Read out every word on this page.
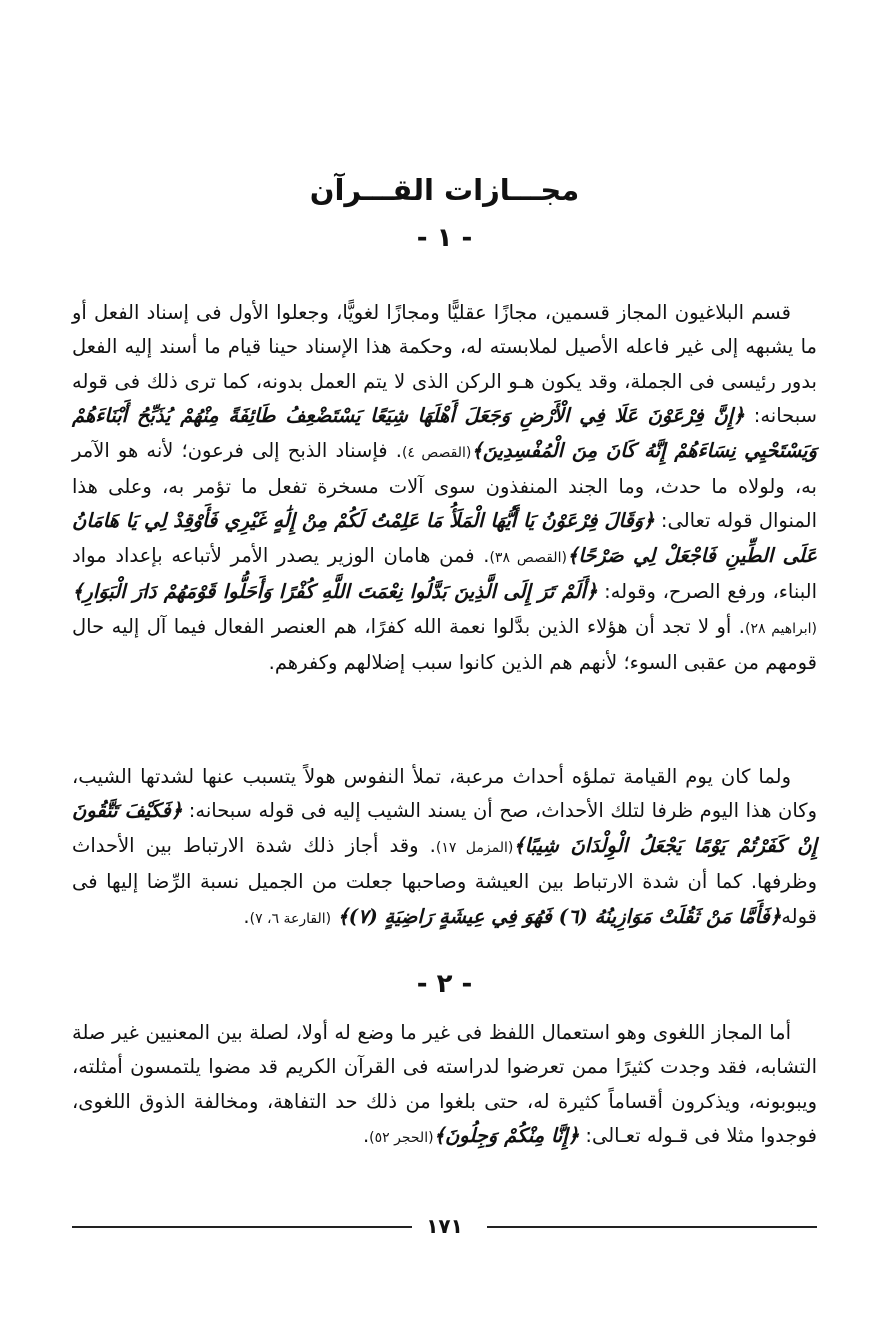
مجـــازات القـــرآن
- ١ -

قسم البلاغيون المجاز قسمين، مجازًا عقليًّا ومجازًا لغويًّا، وجعلوا الأول فى إسناد الفعل أو ما يشبهه إلى غير فاعله الأصيل لملابسته له، وحكمة هذا الإسناد حينا قيام ما أسند إليه الفعل بدور رئيسى فى الجملة، وقد يكون هـو الركن الذى لا يتم العمل بدونه، كما ترى ذلك فى قوله سبحانه: ﴿إِنَّ فِرْعَوْنَ عَلَا فِي الْأَرْضِ وَجَعَلَ أَهْلَهَا شِيَعًا يَسْتَضْعِفُ طَائِفَةً مِنْهُمْ يُذَبِّحُ أَبْنَاءَهُمْ وَيَسْتَحْيِي نِسَاءَهُمْ إِنَّهُ كَانَ مِنَ الْمُفْسِدِينَ﴾(القصص ٤). فإسناد الذبح إلى فرعون؛ لأنه هو الآمر به، ولولاه ما حدث، وما الجند المنفذون سوى آلات مسخرة تفعل ما تؤمر به، وعلى هذا المنوال قوله تعالى: ﴿وَقَالَ فِرْعَوْنُ يَا أَيُّهَا الْمَلَأُ مَا عَلِمْتُ لَكُمْ مِنْ إِلَٰهٍ غَيْرِي فَأَوْقِدْ لِي يَا هَامَانُ عَلَى الطِّينِ فَاجْعَلْ لِي صَرْحًا﴾(القصص ٣٨). فمن هامان الوزير يصدر الأمر لأتباعه بإعداد مواد البناء، ورفع الصرح، وقوله: ﴿أَلَمْ تَرَ إِلَى الَّذِينَ بَدَّلُوا نِعْمَتَ اللَّهِ كُفْرًا وَأَحَلُّوا قَوْمَهُمْ دَارَ الْبَوَارِ﴾(ابراهيم ٢٨). أو لا تجد أن هؤلاء الذين بدَّلوا نعمة الله كفرًا، هم العنصر الفعال فيما آل إليه حال قومهم من عقبى السوء؛ لأنهم هم الذين كانوا سبب إضلالهم وكفرهم.

ولما كان يوم القيامة تملؤه أحداث مرعبة، تملأ النفوس هولاً يتسبب عنها لشدتها الشيب، وكان هذا اليوم ظرفا لتلك الأحداث، صح أن يسند الشيب إليه فى قوله سبحانه: ﴿فَكَيْفَ تَتَّقُونَ إِنْ كَفَرْتُمْ يَوْمًا يَجْعَلُ الْوِلْدَانَ شِيبًا﴾(المزمل ١٧). وقد أجاز ذلك شدة الارتباط بين الأحداث وظرفها. كما أن شدة الارتباط بين العيشة وصاحبها جعلت من الجميل نسبة الرِّضا إليها فى قوله﴿فَأَمَّا مَنْ ثَقُلَتْ مَوَازِينُهُ (٦) فَهُوَ فِي عِيشَةٍ رَاضِيَةٍ (٧)﴾ (القارعة ٦، ٧).

- ٢ -

أما المجاز اللغوى وهو استعمال اللفظ فى غير ما وضع له أولا، لصلة بين المعنيين غير صلة التشابه، فقد وجدت كثيرًا ممن تعرضوا لدراسته فى القرآن الكريم قد مضوا يلتمسون أمثلته، ويبوبونه، ويذكرون أقساماً كثيرة له، حتى بلغوا من ذلك حد التفاهة، ومخالفة الذوق اللغوى، فوجدوا مثلا فى قـوله تعـالى: ﴿إِنَّا مِنْكُمْ وَجِلُونَ﴾(الحجر ٥٢).

١٧١
